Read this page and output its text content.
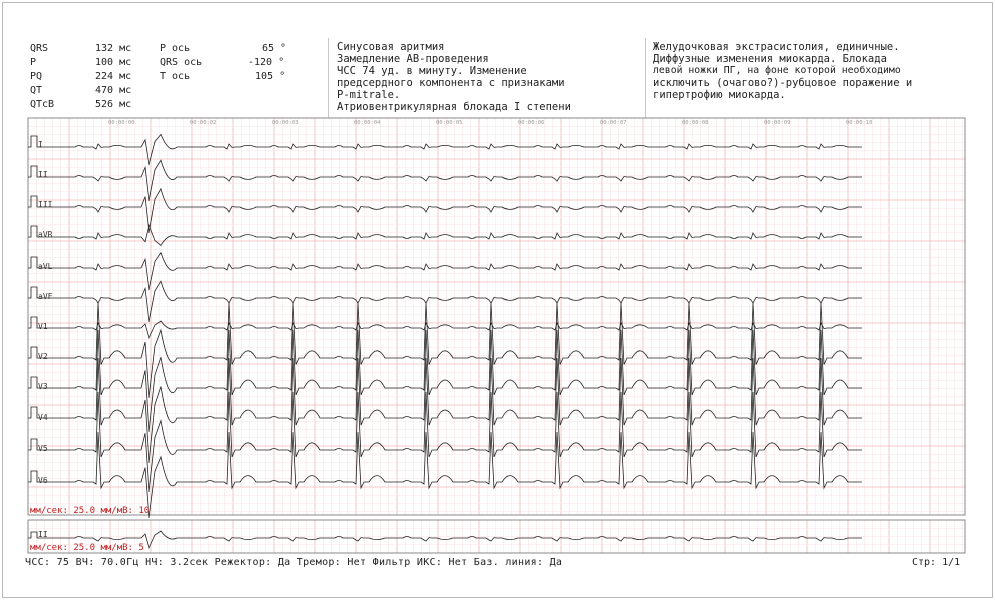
QRS	132 мс
P	100 мс
PQ	224 мс
QT	470 мс
QTcB	526 мс
P ось	65 °
QRS ось	-120 °
T ось	105 °
Синусовая аритмия
Замедление АВ-проведения
ЧСС 74 уд. в минуту. Изменение
предсердного компонента с признаками
P-mitrale.
Атриовентрикулярная блокада I степени
Желудочковая экстрасистолия, единичные.
Диффузные изменения миокарда. Блокада
левой ножки ПГ, на фоне которой необходимо
исключить (очагово?)-рубцовое поражение и
гипертрофию миокарда.
00:00:00	00:00:02	00:00:03	00:00:04	00:00:05	00:00:06	00:00:07	00:00:08	00:00:09	00:00:10
I
II
III
aVR
aVL
aVF
V1
V2
V3
V4
V5
V6
II
мм/сек: 25.0 мм/мВ: 10
мм/сек: 25.0 мм/мВ: 5
ЧСС: 75 ВЧ: 70.0Гц НЧ: 3.2сек Режектор: Да Тремор: Нет Фильтр ИКС: Нет Баз. линия: Да	Стр: 1/1
